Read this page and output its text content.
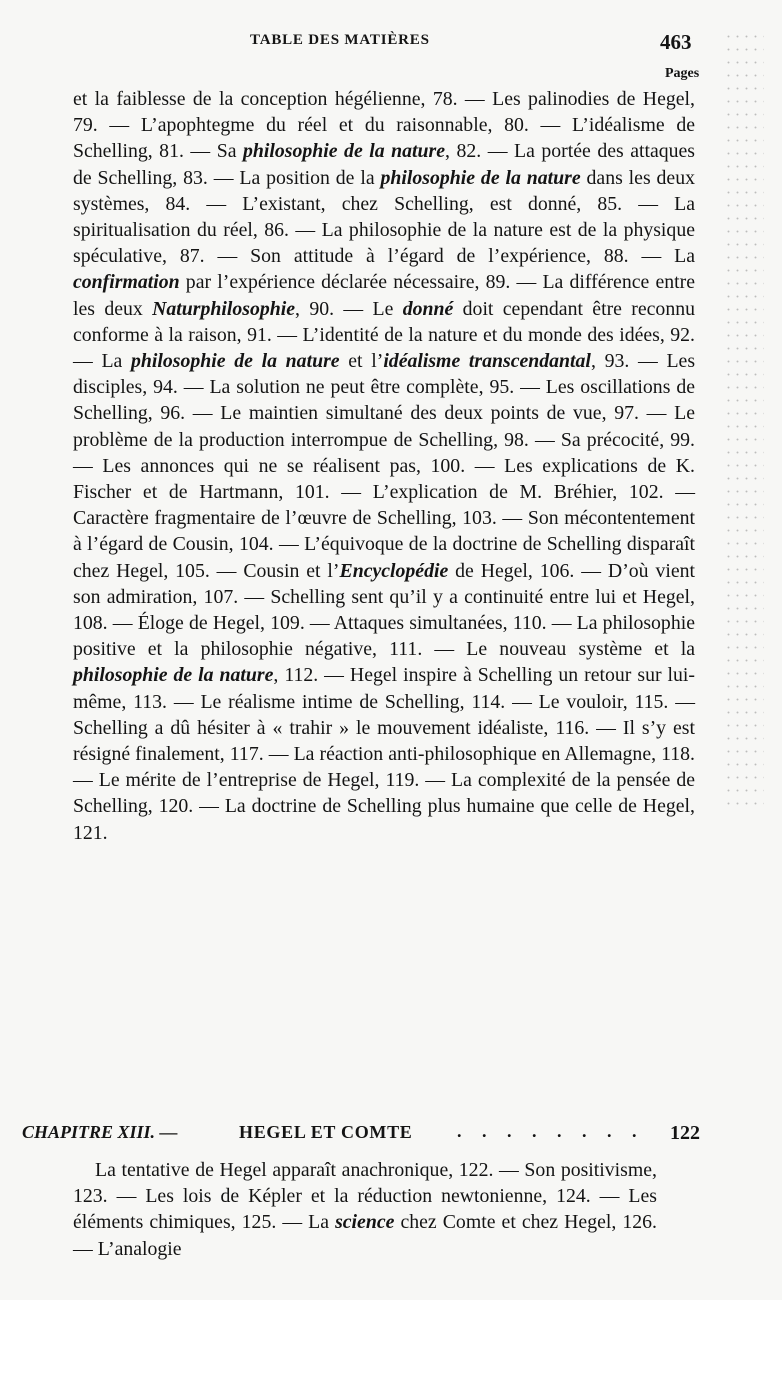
TABLE DES MATIÈRES	463
Pages

et la faiblesse de la conception hégélienne, 78. — Les palinodies de Hegel, 79. — L’apophtegme du réel et du raisonnable, 80. — L’idéalisme de Schelling, 81. — Sa philosophie de la nature, 82. — La portée des attaques de Schelling, 83. — La position de la philosophie de la nature dans les deux systèmes, 84. — L’existant, chez Schelling, est donné, 85. — La spiritualisation du réel, 86. — La philosophie de la nature est de la physique spéculative, 87. — Son attitude à l’égard de l’expérience, 88. — La confirmation par l’expérience déclarée nécessaire, 89. — La différence entre les deux Naturphilosophie, 90. — Le donné doit cependant être reconnu conforme à la raison, 91. — L’identité de la nature et du monde des idées, 92. — La philosophie de la nature et l’idéalisme transcendantal, 93. — Les disciples, 94. — La solution ne peut être complète, 95. — Les oscillations de Schelling, 96. — Le maintien simultané des deux points de vue, 97. — Le problème de la production interrompue de Schelling, 98. — Sa précocité, 99. — Les annonces qui ne se réalisent pas, 100. — Les explications de K. Fischer et de Hartmann, 101. — L’explication de M. Bréhier, 102. — Caractère fragmentaire de l’œuvre de Schelling, 103. — Son mécontentement à l’égard de Cousin, 104. — L’équivoque de la doctrine de Schelling disparaît chez Hegel, 105. — Cousin et l’Encyclopédie de Hegel, 106. — D’où vient son admiration, 107. — Schelling sent qu’il y a continuité entre lui et Hegel, 108. — Éloge de Hegel, 109. — Attaques simultanées, 110. — La philosophie positive et la philosophie négative, 111. — Le nouveau système et la philosophie de la nature, 112. — Hegel inspire à Schelling un retour sur lui-même, 113. — Le réalisme intime de Schelling, 114. — Le vouloir, 115. — Schelling a dû hésiter à « trahir » le mouvement idéaliste, 116. — Il s’y est résigné finalement, 117. — La réaction anti-philosophique en Allemagne, 118. — Le mérite de l’entreprise de Hegel, 119. — La complexité de la pensée de Schelling, 120. — La doctrine de Schelling plus humaine que celle de Hegel, 121.

CHAPITRE XIII. —	HEGEL ET COMTE . . . . . . . . 122

La tentative de Hegel apparaît anachronique, 122. — Son positivisme, 123. — Les lois de Képler et la réduction newtonienne, 124. — Les éléments chimiques, 125. — La science chez Comte et chez Hegel, 126. — L’analogie
